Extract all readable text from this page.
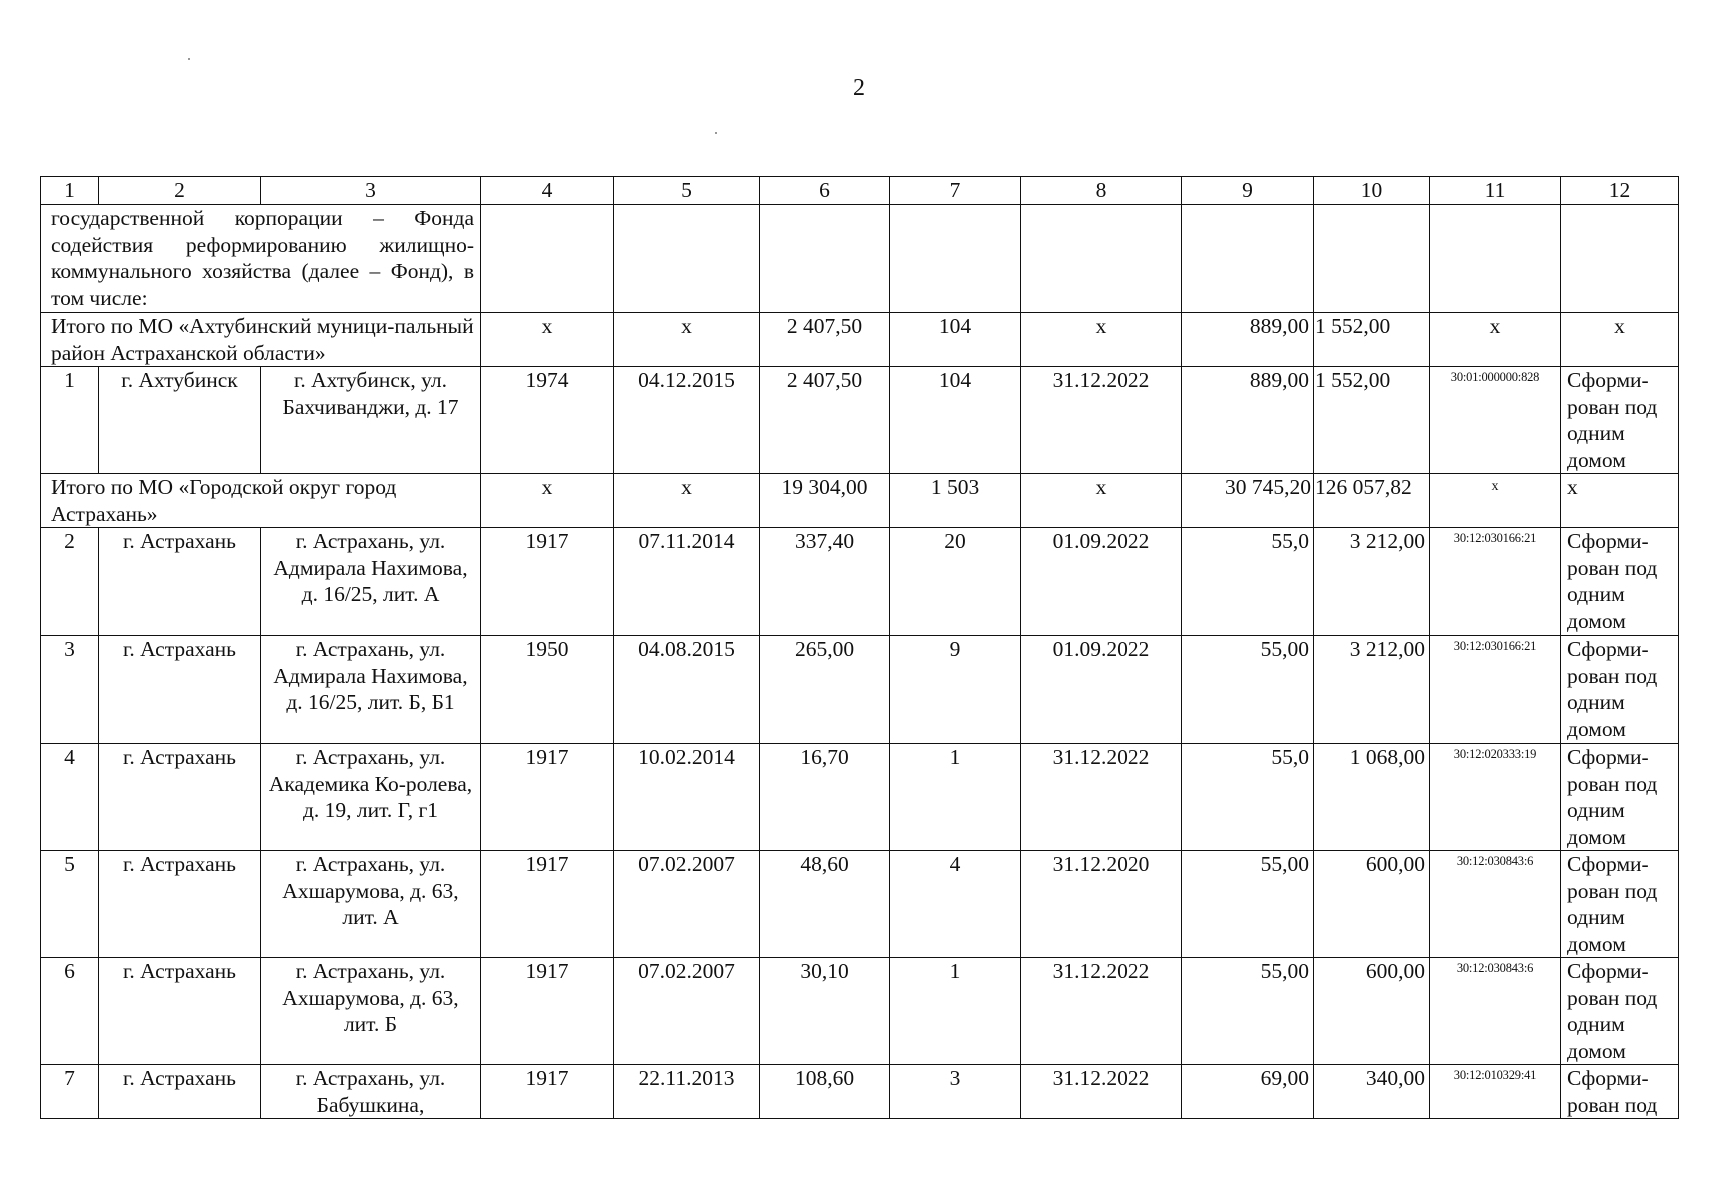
2
1	2	3	4	5	6	7	8	9	10	11	12
государственной корпорации – Фонда содействия реформированию жилищно-коммунального хозяйства (далее – Фонд), в том числе:											
Итого по МО «Ахтубинский муници-пальный район Астраханской области»			х	х	2 407,50	104	х	889,00	1 552,00	х	х
1	г. Ахтубинск	г. Ахтубинск, ул. Бахчиванджи, д. 17	1974	04.12.2015	2 407,50	104	31.12.2022	889,00	1 552,00	30:01:000000:828	Сформи-рован под одним домом
Итого по МО «Городской округ город Астрахань»			х	х	19 304,00	1 503	х	30 745,20	126 057,82	х	х
2	г. Астрахань	г. Астрахань, ул. Адмирала Нахимова, д. 16/25, лит. А	1917	07.11.2014	337,40	20	01.09.2022	55,0	3 212,00	30:12:030166:21	Сформи-рован под одним домом
3	г. Астрахань	г. Астрахань, ул. Адмирала Нахимова, д. 16/25, лит. Б, Б1	1950	04.08.2015	265,00	9	01.09.2022	55,00	3 212,00	30:12:030166:21	Сформи-рован под одним домом
4	г. Астрахань	г. Астрахань, ул. Академика Ко-ролева, д. 19, лит. Г, г1	1917	10.02.2014	16,70	1	31.12.2022	55,0	1 068,00	30:12:020333:19	Сформи-рован под одним домом
5	г. Астрахань	г. Астрахань, ул. Ахшарумова, д. 63, лит. А	1917	07.02.2007	48,60	4	31.12.2020	55,00	600,00	30:12:030843:6	Сформи-рован под одним домом
6	г. Астрахань	г. Астрахань, ул. Ахшарумова, д. 63, лит. Б	1917	07.02.2007	30,10	1	31.12.2022	55,00	600,00	30:12:030843:6	Сформи-рован под одним домом
7	г. Астрахань	г. Астрахань, ул. Бабушкина,	1917	22.11.2013	108,60	3	31.12.2022	69,00	340,00	30:12:010329:41	Сформи-рован под
